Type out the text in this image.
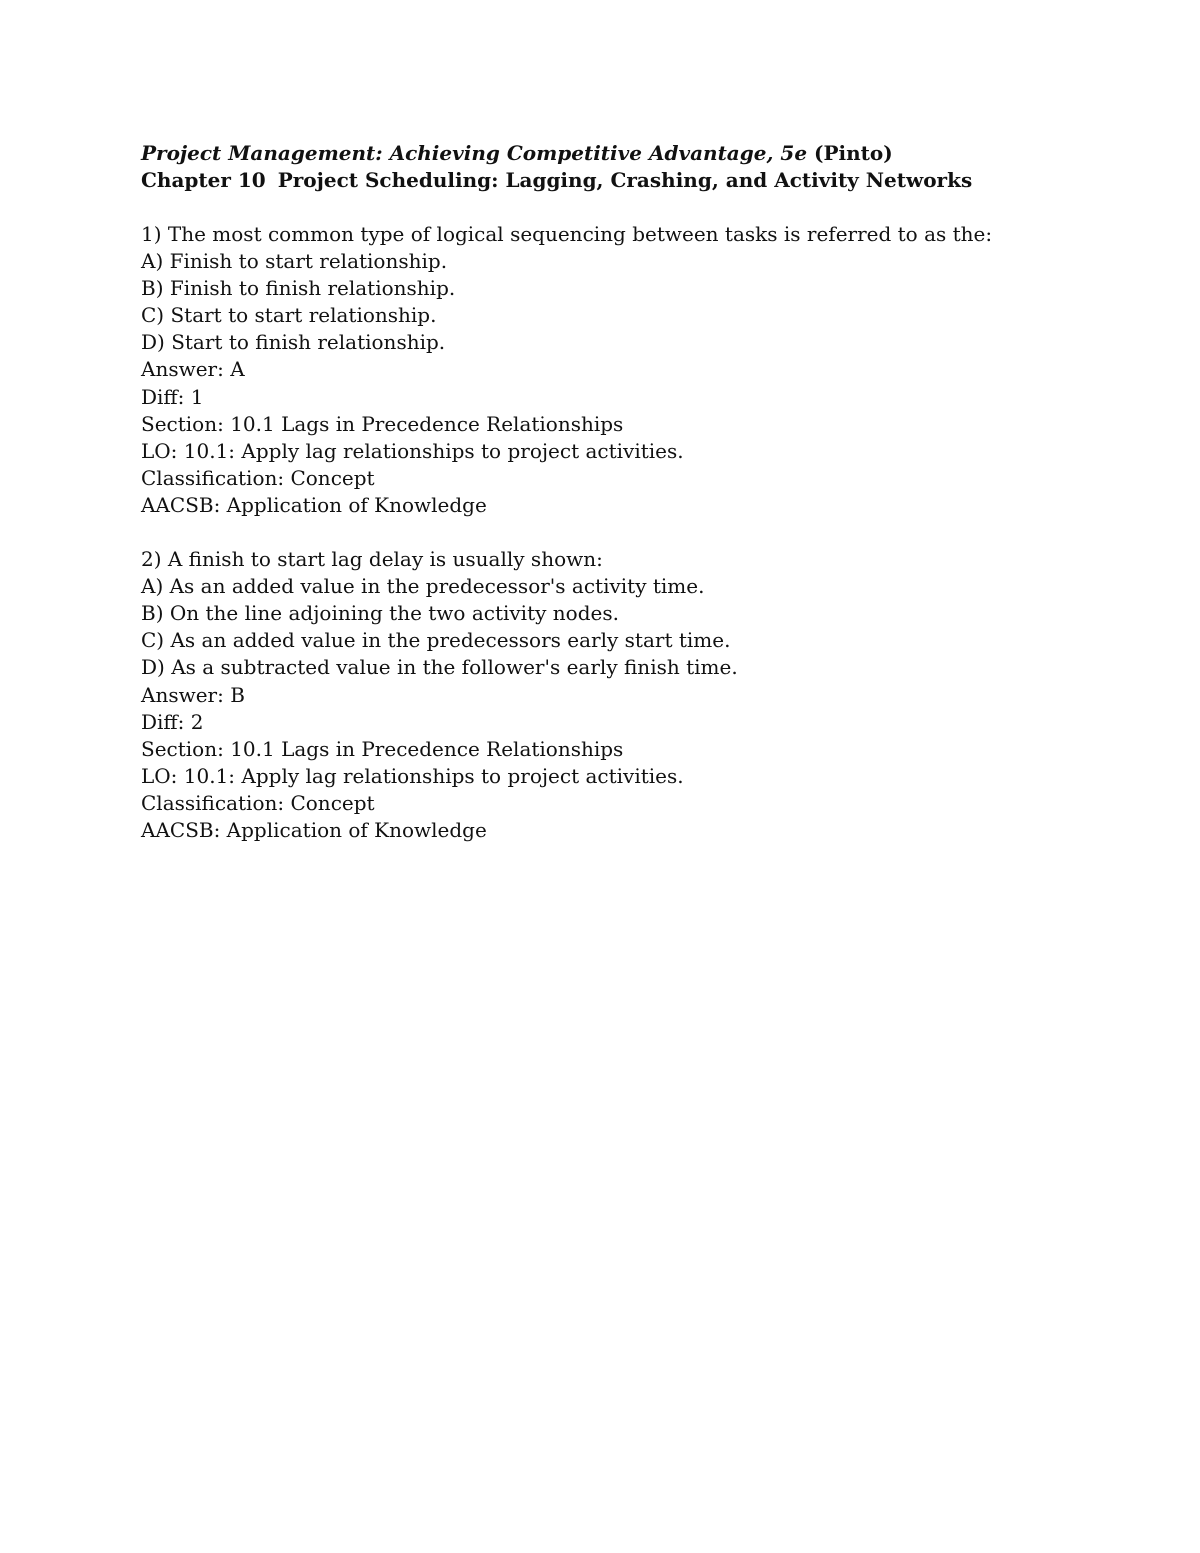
Project Management: Achieving Competitive Advantage, 5e (Pinto)
Chapter 10 Project Scheduling: Lagging, Crashing, and Activity Networks
1) The most common type of logical sequencing between tasks is referred to as the:
A) Finish to start relationship.
B) Finish to finish relationship.
C) Start to start relationship.
D) Start to finish relationship.
Answer: A
Diff: 1
Section: 10.1 Lags in Precedence Relationships
LO: 10.1: Apply lag relationships to project activities.
Classification: Concept
AACSB: Application of Knowledge
2) A finish to start lag delay is usually shown:
A) As an added value in the predecessor's activity time.
B) On the line adjoining the two activity nodes.
C) As an added value in the predecessors early start time.
D) As a subtracted value in the follower's early finish time.
Answer: B
Diff: 2
Section: 10.1 Lags in Precedence Relationships
LO: 10.1: Apply lag relationships to project activities.
Classification: Concept
AACSB: Application of Knowledge
